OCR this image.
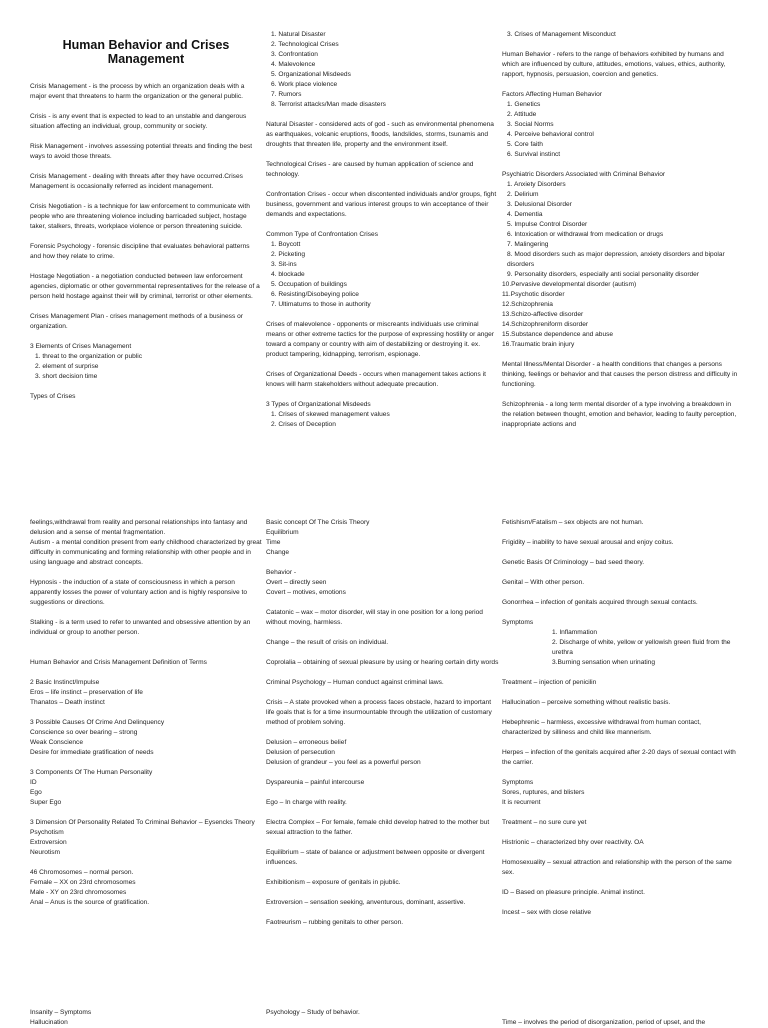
Human Behavior and Crises Management

Crisis Management - is the process by which an organization deals with a major event that threatens to harm the organization or the general public.

Crisis - is any event that is expected to lead to an unstable and dangerous situation affecting an individual, group, community or society.

Risk Management - involves assessing potential threats and finding the best ways to avoid those threats.

Crisis Management - dealing with threats after they have occurred.Crises Management is occasionally referred as incident management.

Crisis Negotiation - is a technique for law enforcement to communicate with people who are threatening violence including barricaded subject, hostage taker, stalkers, threats, workplace violence or person threatening suicide.

Forensic Psychology - forensic discipline that evaluates behavioral patterns and how they relate to crime.

Hostage Negotiation - a negotiation conducted between law enforcement agencies, diplomatic or other governmental representatives for the release of a person held hostage against their will by criminal, terrorist or other elements.

Crises Management Plan - crises management methods of a business or organization.

3 Elements of Crises Management

1. threat to the organization or public

2. element of surprise

3. short decision time

Types of Crises

1. Natural Disaster

2. Technological Crises

3. Confrontation

4. Malevolence

5. Organizational Misdeeds

6. Work place violence

7. Rumors

8. Terrorist attacks/Man made disasters

Natural Disaster - considered acts of god - such as environmental phenomena as earthquakes, volcanic eruptions, floods, landslides, storms, tsunamis and droughts that threaten life, property and the environment itself.

Technological Crises - are caused by human application of science and technology.

Confrontation Crises - occur when discontented individuals and/or groups, fight business, government and various interest groups to win acceptance of their demands and expectations.

Common Type of Confrontation Crises

1. Boycott

2. Picketing

3. Sit-ins

4. blockade

5. Occupation of buildings

6. Resisting/Disobeying police

7. Ultimatums to those in authority

Crises of malevolence - opponents or miscreants individuals use criminal means or other extreme tactics for the purpose of expressing hostility or anger toward a company or country with aim of destabilizing or destroying it. ex. product tampering, kidnapping, terrorism, espionage.

Crises of Organizational Deeds - occurs when management takes actions it knows will harm stakeholders without adequate precaution.

3 Types of Organizational Misdeeds

1. Crises of skewed management values

2. Crises of Deception

3. Crises of Management Misconduct

Human Behavior - refers to the range of behaviors exhibited by humans and which are influenced by culture, attitudes, emotions, values, ethics, authority, rapport, hypnosis, persuasion, coercion and genetics.

Factors Affecting Human Behavior

1. Genetics

2. Attitude

3. Social Norms

4. Perceive behavioral control

5. Core faith

6. Survival instinct

Psychiatric Disorders Associated with Criminal Behavior

1. Anxiety Disorders

2. Delirium

3. Delusional Disorder

4. Dementia

5. Impulse Control Disorder

6. Intoxication or withdrawal from medication or drugs

7. Malingering

8. Mood disorders such as major depression, anxiety disorders and bipolar disorders

9. Personality disorders, especially anti social personality disorder

10.Pervasive developmental disorder (autism)

11.Psychotic disorder

12.Schizophrenia

13.Schizo-affective disorder

14.Schizophreniform disorder

15.Substance dependence and abuse

16.Traumatic brain injury

Mental Illness/Mental Disorder - a health conditions that changes a persons thinking, feelings or behavior and that causes the person distress and difficulty in functioning.

Schizophrenia - a long term mental disorder of a type involving a breakdown in the relation between thought, emotion and behavior, leading to faulty perception, inappropriate actions and

feelings,withdrawal from reality and personal relationships into fantasy and delusion and a sense of mental fragmentation.

Autism - a mental condition present from early childhood characterized by great difficulty in communicating and forming relationship with other people and in using language and abstract concepts.

Hypnosis - the induction of a state of consciousness in which a person apparently losses the power of voluntary action and is highly responsive to suggestions or directions.

Stalking - is a term used to refer to unwanted and obsessive attention by an individual or group to another person.

Human Behavior and Crisis Management Definition of Terms

2 Basic Instinct/Impulse

Eros – life instinct – preservation of life

Thanatos – Death instinct

3 Possible Causes Of Crime And Delinquency

Conscience so over bearing – strong

Weak Conscience

Desire for immediate gratification of needs

3 Components Of The Human Personality

ID

Ego

Super Ego

3 Dimension Of Personality Related To Criminal Behavior – Eysencks Theory

Psychotism

Extroversion

Neurotism

46 Chromosomes – normal person.

Female – XX on 23rd chromosomes

Male - XY on 23rd chromosomes

Anal – Anus is the source of gratification.

Basic concept Of The Crisis Theory

Equilibrium

Time

Change

Behavior -

Overt – directly seen

Covert – motives, emotions

Catatonic – wax – motor disorder, will stay in one position for a long period without moving, harmless.

Change – the result of crisis on individual.

Coprolalia – obtaining of sexual pleasure by using or hearing certain dirty words

Criminal Psychology – Human conduct against criminal laws.

Crisis – A state provoked when a process faces obstacle, hazard to important life goals that is for a time insurmountable through the utilization of customary method of problem solving.

Delusion – erroneous belief

Delusion of persecution

Delusion of grandeur – you feel as a powerful person

Dyspareunia – painful intercourse

Ego – In charge with reality.

Electra Complex – For female, female child develop hatred to the mother but sexual attraction to the father.

Equilibrium – state of balance or adjustment between opposite or divergent influences.

Exhibitionism – exposure of genitals in pjublic.

Extroversion – sensation seeking, anventurous, dominant, assertive.

Faotreurism – rubbing genitals to other person.

Fetishism/Fatalism – sex objects are not human.

Frigidity – inability to have sexual arousal and enjoy coitus.

Genetic Basis Of Criminology – bad seed theory.

Genital – With other person.

Gonorrhea – infection of genitals acquired through sexual contacts.

Symptoms

1. Inflammation

2. Discharge of white, yellow or yellowish green fluid from the urethra

3.Burning sensation when urinating

Treatment – injection of penicilin

Hallucination – perceive something without realistic basis.

Hebephrenic – harmless, excessive withdrawal from human contact, characterized by silliness and child like mannerism.

Herpes – infection of the genitals acquired after 2-20 days of sexual contact with the carrier.

Symptoms

Sores, ruptures, and blisters

It is recurrent

Treatment – no sure cure yet

Histrionic – characterized bhy over reactivity. OA

Homosexuality – sexual attraction and relationship with the person of the same sex.

ID – Based on pleasure principle. Animal instinct.

Incest – sex with close relative

Insanity – Symptoms

Hallucination

Psychology – Study of behavior.

Time – involves the period of disorganization, period of upset, and the
